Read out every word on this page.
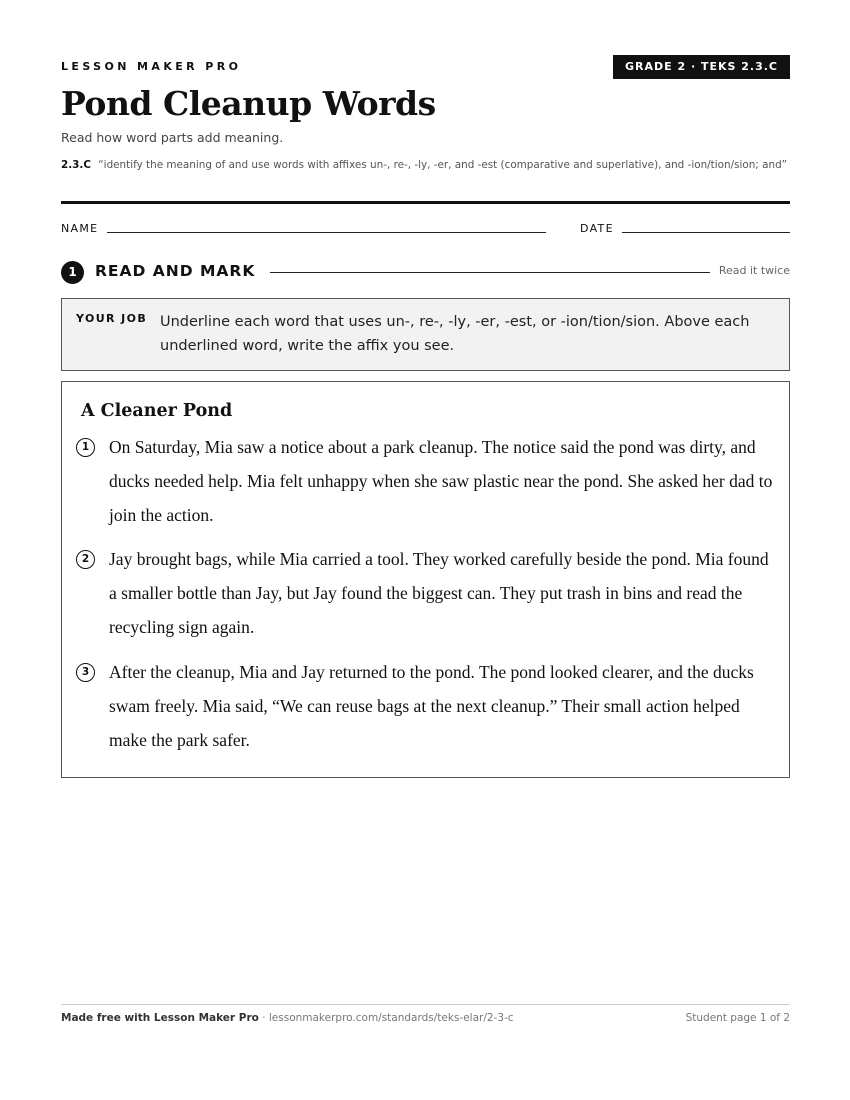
LESSON MAKER PRO	GRADE 2 · TEKS 2.3.C
Pond Cleanup Words
Read how word parts add meaning.
2.3.C “identify the meaning of and use words with affixes un-, re-, -ly, -er, and -est (comparative and superlative), and -ion/tion/sion; and”
NAME	DATE
1	READ AND MARK	Read it twice
YOUR JOB Underline each word that uses un-, re-, -ly, -er, -est, or -ion/tion/sion. Above each underlined word, write the affix you see.
A Cleaner Pond
1	On Saturday, Mia saw a notice about a park cleanup. The notice said the pond was dirty, and ducks needed help. Mia felt unhappy when she saw plastic near the pond. She asked her dad to join the action.
2	Jay brought bags, while Mia carried a tool. They worked carefully beside the pond. Mia found a smaller bottle than Jay, but Jay found the biggest can. They put trash in bins and read the recycling sign again.
3	After the cleanup, Mia and Jay returned to the pond. The pond looked clearer, and the ducks swam freely. Mia said, “We can reuse bags at the next cleanup.” Their small action helped make the park safer.
Made free with Lesson Maker Pro · lessonmakerpro.com/standards/teks-elar/2-3-c	Student page 1 of 2
